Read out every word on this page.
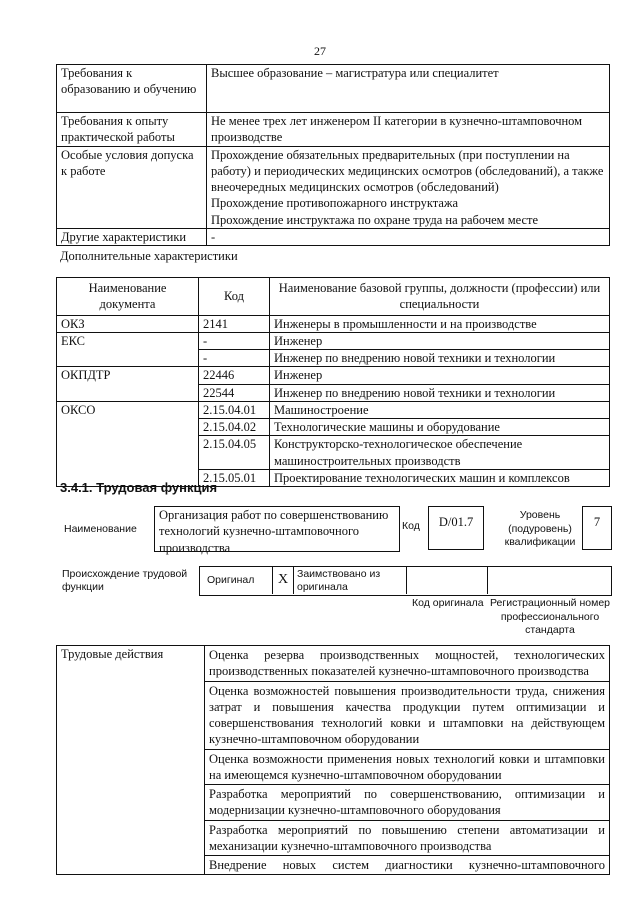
27
Требования к образованию и обучению	Высшее образование – магистратура или специалитет
Требования к опыту практической работы	Не менее трех лет инженером II категории в кузнечно-штамповочном производстве
Особые условия допуска к работе	Прохождение обязательных предварительных (при поступлении на работу) и периодических медицинских осмотров (обследований), а также внеочередных медицинских осмотров (обследований)
Прохождение противопожарного инструктажа
Прохождение инструктажа по охране труда на рабочем месте

Другие характеристики	-
Дополнительные характеристики
Наименование документа	Код	Наименование базовой группы, должности (профессии) или специальности
ОКЗ	2141	Инженеры в промышленности и на производстве
ЕКС	-	Инженер
	-	Инженер по внедрению новой техники и технологии
ОКПДТР	22446	Инженер
	22544	Инженер по внедрению новой техники и технологии
ОКСО	2.15.04.01	Машиностроение
	2.15.04.02	Технологические машины и оборудование
	2.15.04.05	Конструкторско-технологическое обеспечение машиностроительных производств
	2.15.05.01	Проектирование технологических машин и комплексов
3.4.1. Трудовая функция
Наименование
Организация работ по совершенствованию технологий кузнечно-штамповочного производства
Код	D/01.7	Уровень (подуровень) квалификации
7
Происхождение трудовой функции
Оригинал	X Заимствовано из оригинала
Код оригинала Регистрационный номер профессионального стандарта
Трудовые действия	Оценка резерва производственных мощностей, технологических производственных показателей кузнечно-штамповочного производства
Оценка возможностей повышения производительности труда, снижения затрат и повышения качества продукции путем оптимизации и совершенствования технологий ковки и штамповки на действующем кузнечно-штамповочном оборудовании
Оценка возможности применения новых технологий ковки и штамповки на имеющемся кузнечно-штамповочном оборудовании
Разработка мероприятий по совершенствованию, оптимизации и модернизации кузнечно-штамповочного оборудования
Разработка мероприятий по повышению степени автоматизации и механизации кузнечно-штамповочного производства
Внедрение новых систем диагностики кузнечно-штамповочного
